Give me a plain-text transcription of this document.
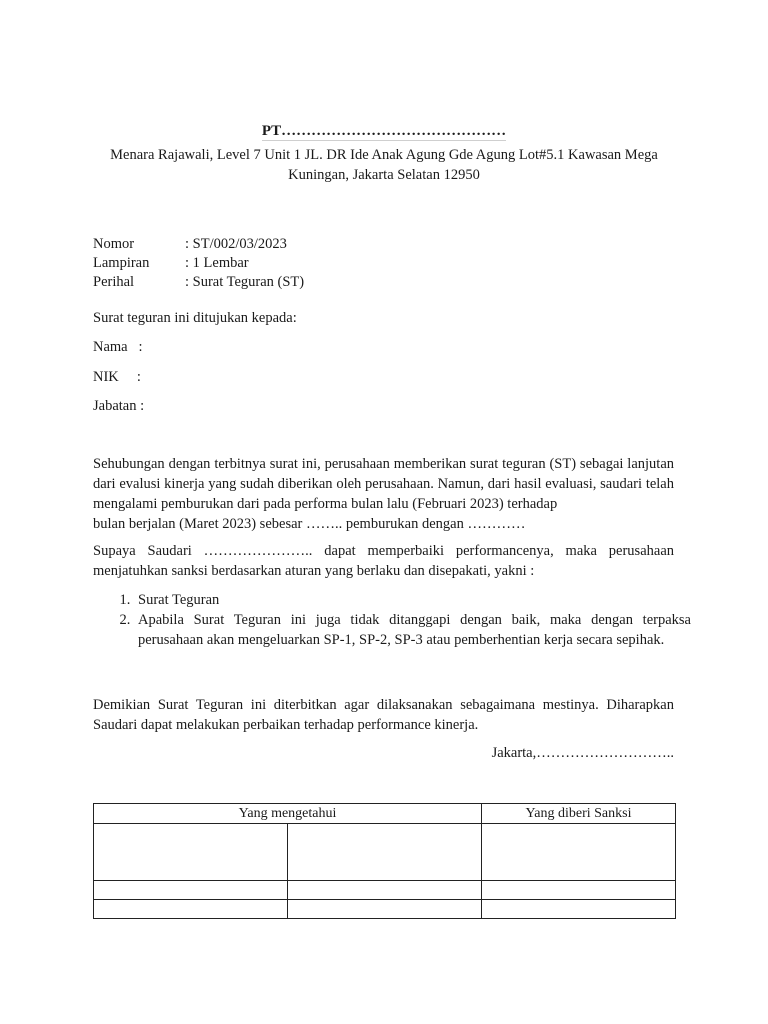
PT………………………………………
Menara Rajawali, Level 7 Unit 1 JL. DR Ide Anak Agung Gde Agung Lot#5.1 Kawasan Mega Kuningan, Jakarta Selatan 12950
Nomor	: ST/002/03/2023
Lampiran : 1 Lembar
Perihal	: Surat Teguran (ST)
Surat teguran ini ditujukan kepada:
Nama   :
NIK     :
Jabatan :
Sehubungan dengan terbitnya surat ini, perusahaan memberikan surat teguran (ST) sebagai lanjutan dari evalusi kinerja yang sudah diberikan oleh perusahaan. Namun, dari hasil evaluasi, saudari telah mengalami pemburukan dari pada performa bulan lalu (Februari 2023) terhadap
bulan berjalan (Maret 2023) sebesar …….. pemburukan dengan …………
Supaya Saudari ………………….. dapat memperbaiki performancenya, maka perusahaan
menjatuhkan sanksi berdasarkan aturan yang berlaku dan disepakati, yakni :
1. Surat Teguran
2. Apabila Surat Teguran ini juga tidak ditanggapi dengan baik, maka dengan terpaksa perusahaan akan mengeluarkan SP-1, SP-2, SP-3 atau pemberhentian kerja secara sepihak.
Demikian Surat Teguran ini diterbitkan agar dilaksanakan sebagaimana mestinya. Diharapkan Saudari dapat melakukan perbaikan terhadap performance kinerja.
Jakarta,………………………..
Yang mengetahui		Yang diberi Sanksi
